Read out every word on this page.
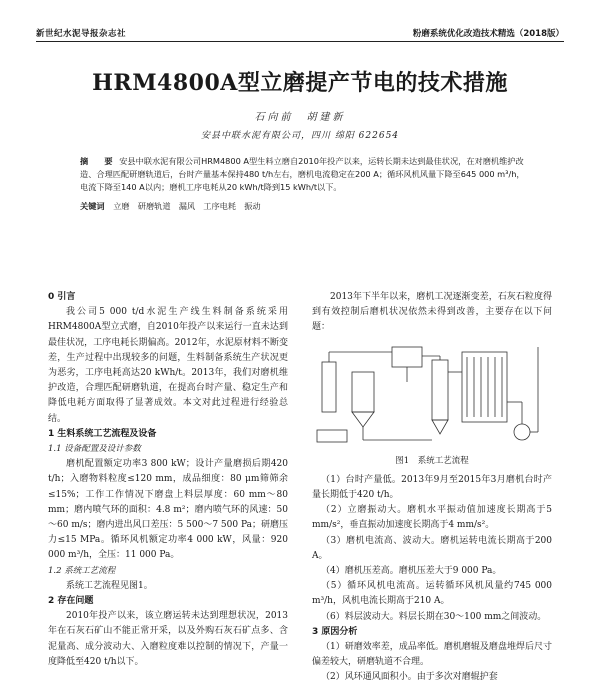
新世纪水泥导报杂志社	粉磨系统优化改造技术精选（2018版）
HRM4800A型立磨提产节电的技术措施
石向前　胡建新
安县中联水泥有限公司，四川 绵阳 622654
摘　要 安县中联水泥有限公司HRM4800 A型生料立磨自2010年投产以来，运转长期未达到最佳状况，在对磨机维护改造、合理匹配研磨轨道后，台时产量基本保持480 t/h左右，磨机电流稳定在200 A；循环风机风量下降至645 000 m³/h，电流下降至140 A以内；磨机工序电耗从20 kWh/t降到15 kWh/t以下。
关键词 立磨　研磨轨道　漏风　工序电耗　振动
0 引言

我公司5 000 t/d水泥生产线生料制备系统采用HRM4800A型立式磨，自2010年投产以来运行一直未达到最佳状况，工序电耗长期偏高。2012年，水泥原材料不断变差，生产过程中出现较多的问题，生料制备系统生产状况更为恶劣，工序电耗高达20 kWh/t。2013年，我们对磨机维护改造，合理匹配研磨轨道，在提高台时产量、稳定生产和降低电耗方面取得了显著成效。本文对此过程进行经验总结。

1 生料系统工艺流程及设备
1.1 设备配置及设计参数

磨机配置额定功率3 800 kW；设计产量磨损后期420 t/h；入磨物料粒度≤120 mm，成品细度：80 μm筛筛余≤15%；工作工作情况下磨盘上料层厚度：60 mm～80 mm；磨内喷气环的面积：4.8 m²；磨内喷气环的风速：50～60 m/s；磨内进出风口差压：5 500～7 500 Pa；研磨压力≤15 MPa。循环风机额定功率4 000 kW，风量：920 000 m³/h，全压：11 000 Pa。

1.2 系统工艺流程

系统工艺流程见图1。

2 存在问题

2010年投产以来，该立磨运转未达到理想状况，2013年在石灰石矿山不能正常开采，以及外购石灰石矿点多、含泥量高、成分波动大、入磨粒度难以控制的情况下，产量一度降低至420 t/h以下。

2013年下半年以来，磨机工况逐渐变差，石灰石粒度得到有效控制后磨机状况依然未得到改善，主要存在以下问题：

图1　系统工艺流程

（1）台时产量低。2013年9月至2015年3月磨机台时产量长期低于420 t/h。

（2）立磨振动大。磨机水平振动值加速度长期高于5 mm/s²，垂直振动加速度长期高于4 mm/s²。

（3）磨机电流高、波动大。磨机运转电流长期高于200 A。

（4）磨机压差高。磨机压差大于9 000 Pa。

（5）循环风机电流高。运转循环风机风量约745 000 m³/h，风机电流长期高于210 A。

（6）料层波动大。料层长期在30～100 mm之间波动。

3 原因分析

（1）研磨效率差，成品率低。磨机磨辊及磨盘堆焊后尺寸偏差较大，研磨轨道不合理。

（2）风环通风面积小。由于多次对磨辊护套
